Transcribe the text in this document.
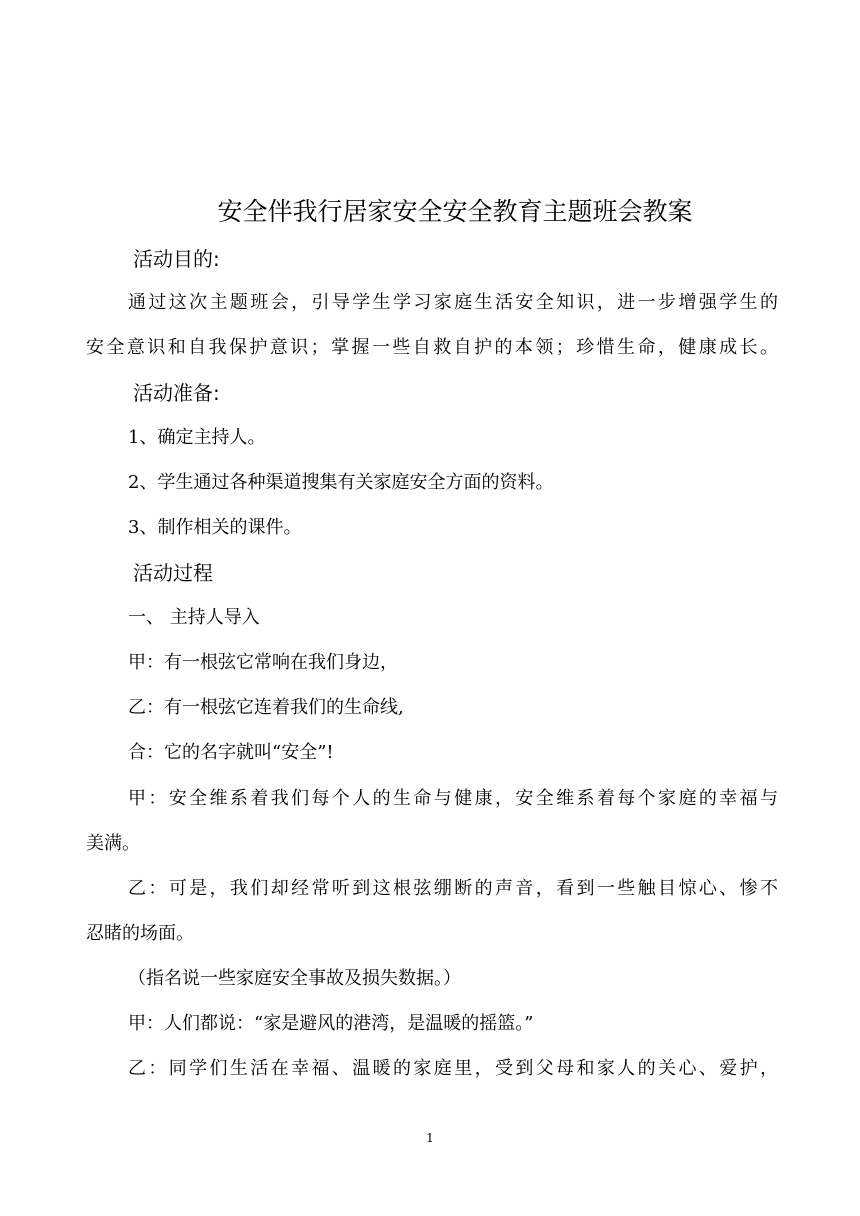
安全伴我行居家安全安全教育主题班会教案

活动目的:

通过这次主题班会，引导学生学习家庭生活安全知识，进一步增强学生的

安全意识和自我保护意识；掌握一些自救自护的本领；珍惜生命，健康成长。

活动准备:

1、确定主持人。

2、学生通过各种渠道搜集有关家庭安全方面的资料。

3、制作相关的课件。

活动过程

一、 主持人导入

甲：有一根弦它常响在我们身边，

乙：有一根弦它连着我们的生命线,

合：它的名字就叫“安全”!

甲：安全维系着我们每个人的生命与健康，安全维系着每个家庭的幸福与

美满。

乙：可是，我们却经常听到这根弦绷断的声音，看到一些触目惊心、惨不

忍睹的场面。

（指名说一些家庭安全事故及损失数据。）

甲：人们都说：“家是避风的港湾，是温暖的摇篮。”

乙：同学们生活在幸福、温暖的家庭里，受到父母和家人的关心、爱护，

1
